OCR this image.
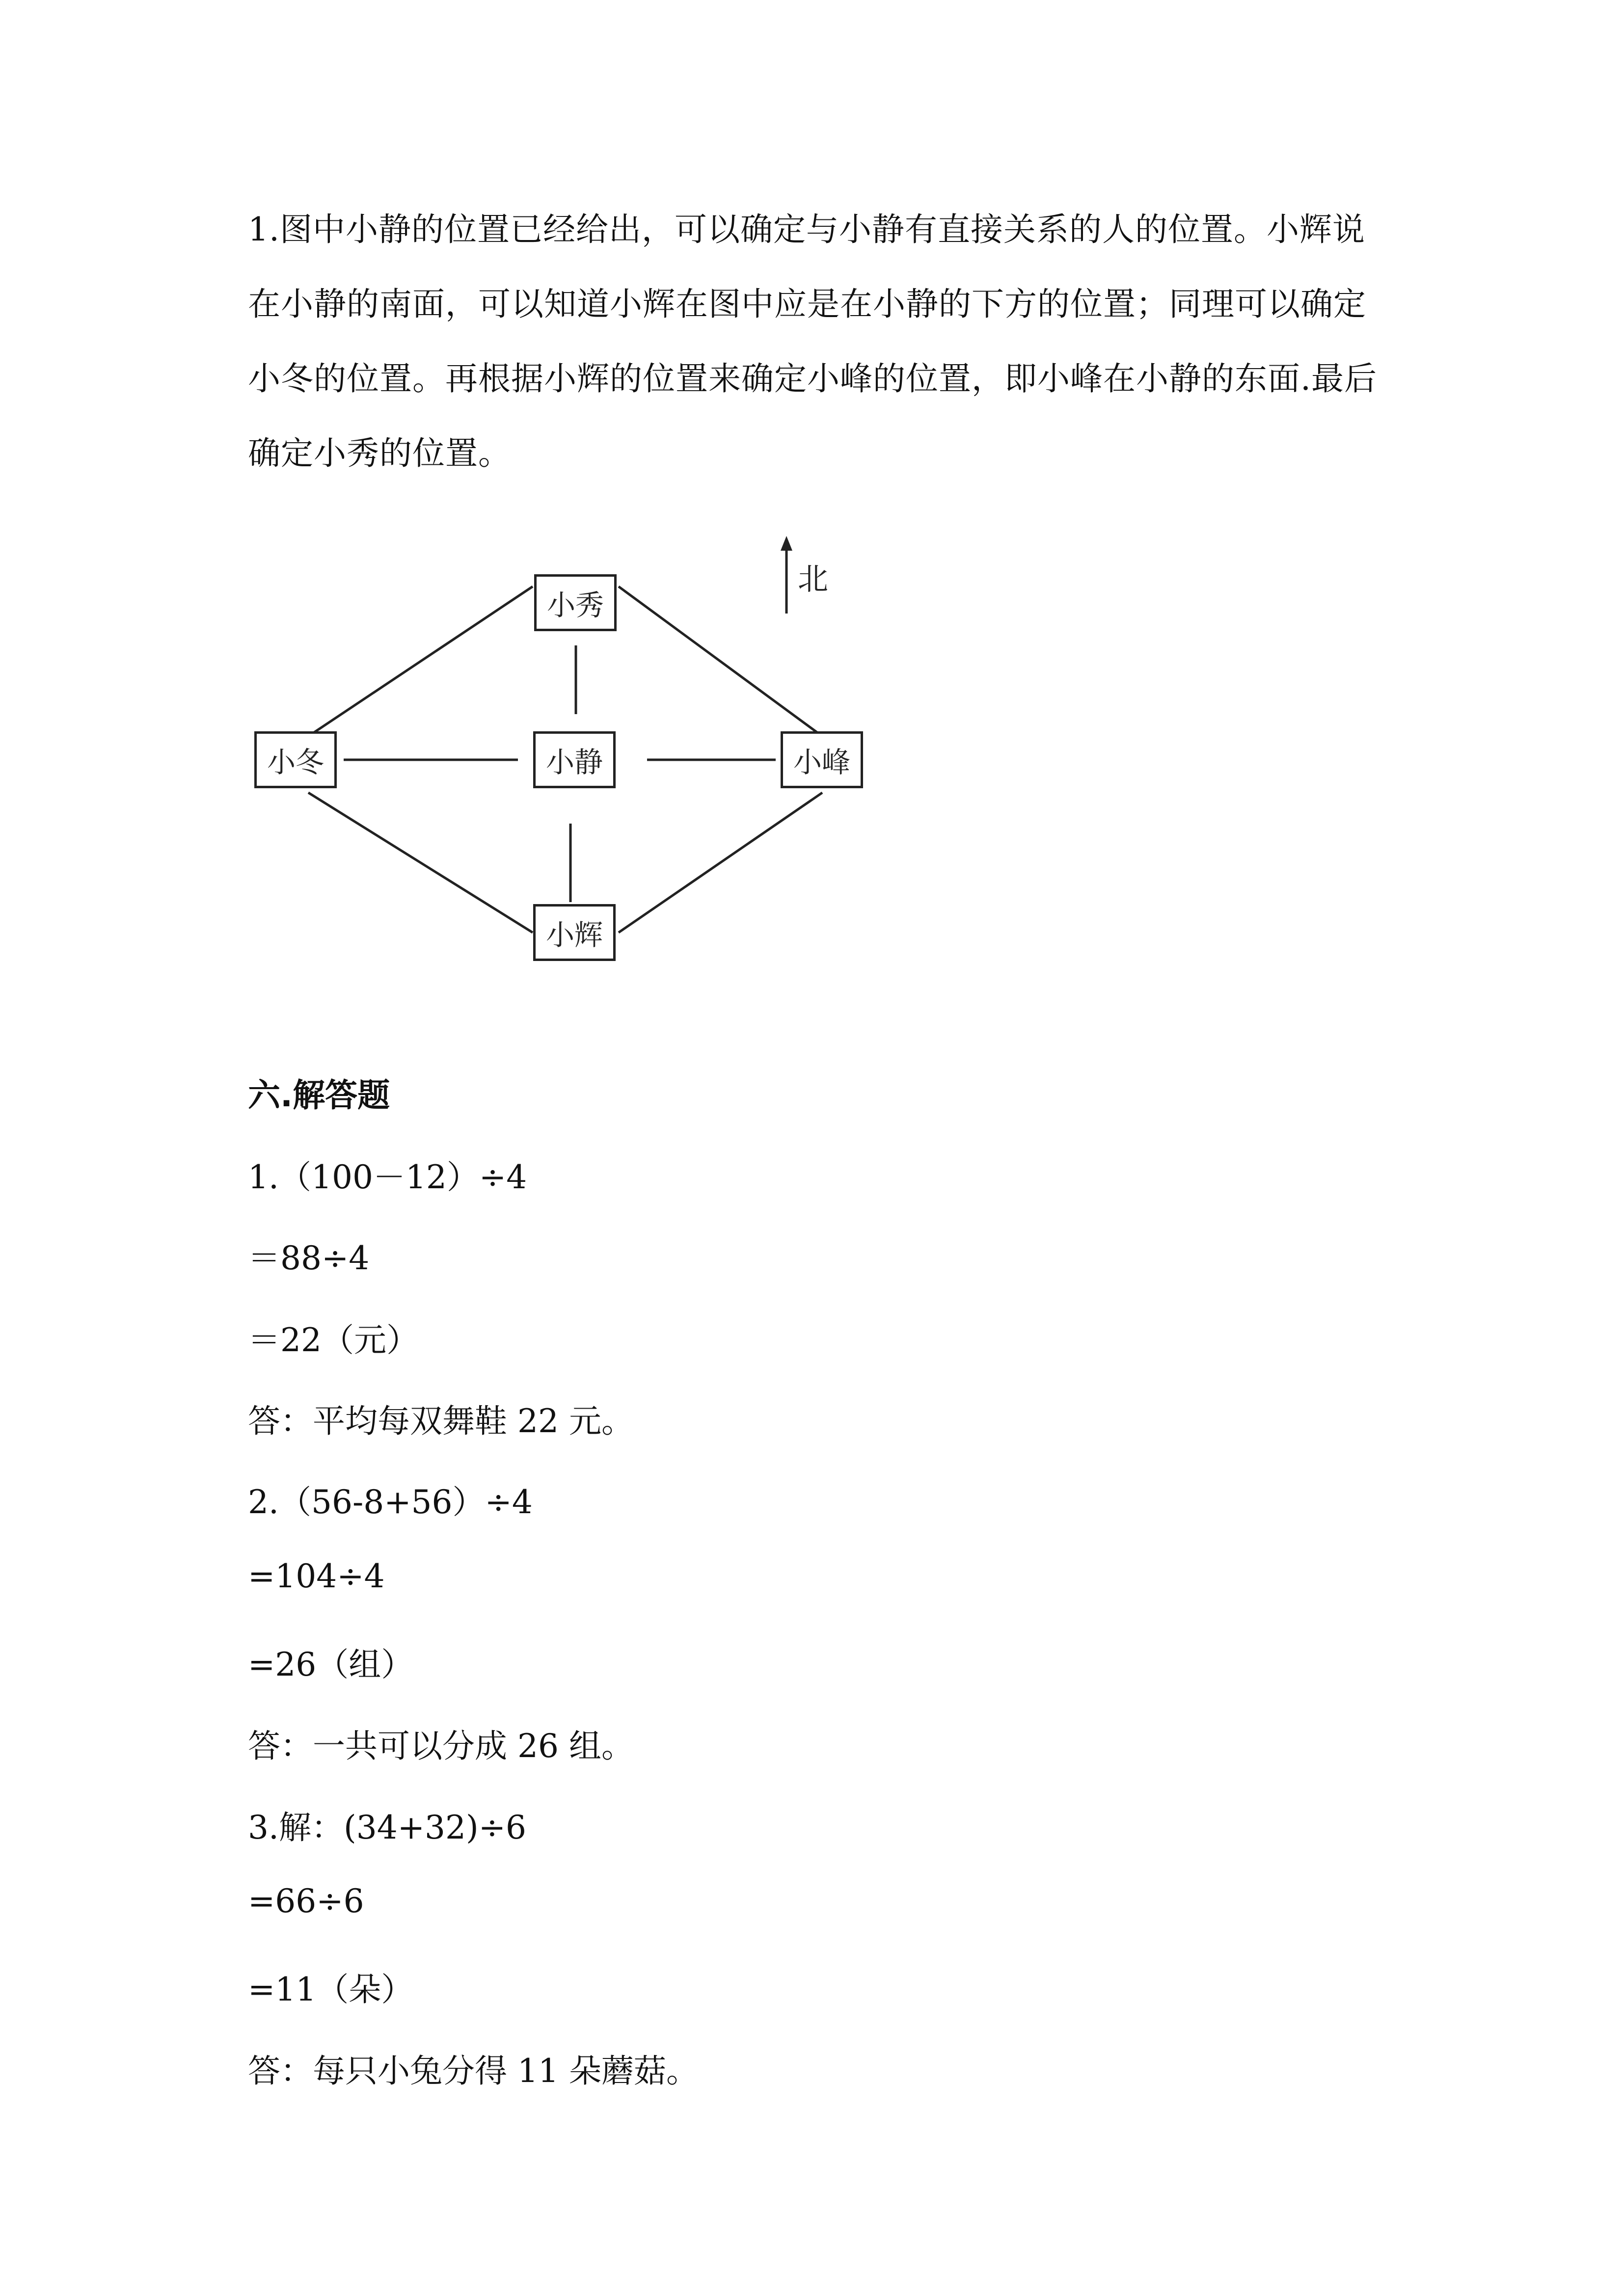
1.图中小静的位置已经给出，可以确定与小静有直接关系的人的位置。小辉说
在小静的南面，可以知道小辉在图中应是在小静的下方的位置；同理可以确定
小冬的位置。再根据小辉的位置来确定小峰的位置，即小峰在小静的东面.最后
确定小秀的位置。
小秀
小冬	小静	小峰
小辉
北
六.解答题
1.（100－12）÷4
＝88÷4
＝22（元）
答：平均每双舞鞋 22 元。
2.（56-8+56）÷4
=104÷4
=26（组）
答：一共可以分成 26 组。
3.解：(34+32)÷6
=66÷6
=11（朵）
答：每只小兔分得 11 朵蘑菇。
